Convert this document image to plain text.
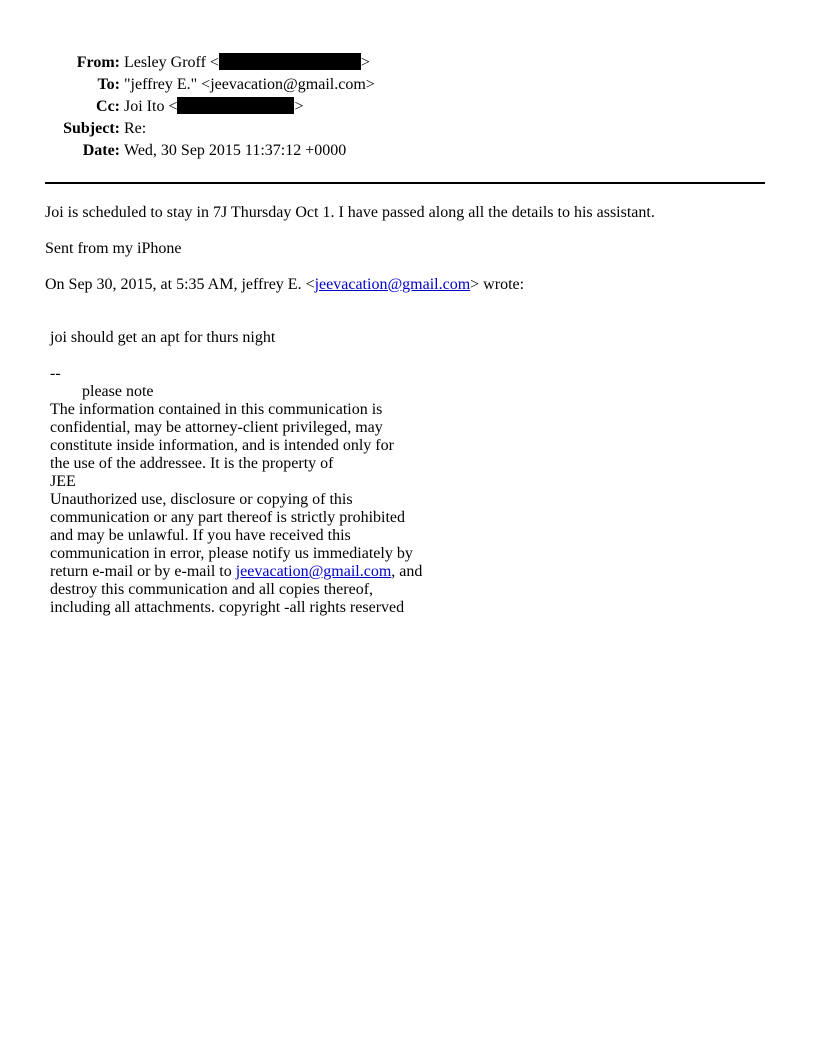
From: Lesley Groff <	>
To: "jeffrey E." <jeevacation@gmail.com>
Cc: Joi Ito <	>
Subject: Re:
Date: Wed, 30 Sep 2015 11:37:12 +0000
Joi is scheduled to stay in 7J Thursday Oct 1. I have passed along all the details to his assistant.
Sent from my iPhone
On Sep 30, 2015, at 5:35 AM, jeffrey E. <jeevacation@gmail.com> wrote:
joi should get an apt for thurs night
--
please note
The information contained in this communication is
confidential, may be attorney-client privileged, may
constitute inside information, and is intended only for
the use of the addressee. It is the property of
JEE
Unauthorized use, disclosure or copying of this
communication or any part thereof is strictly prohibited
and may be unlawful. If you have received this
communication in error, please notify us immediately by
return e-mail or by e-mail to jeevacation@gmail.com, and
destroy this communication and all copies thereof,
including all attachments. copyright -all rights reserved
